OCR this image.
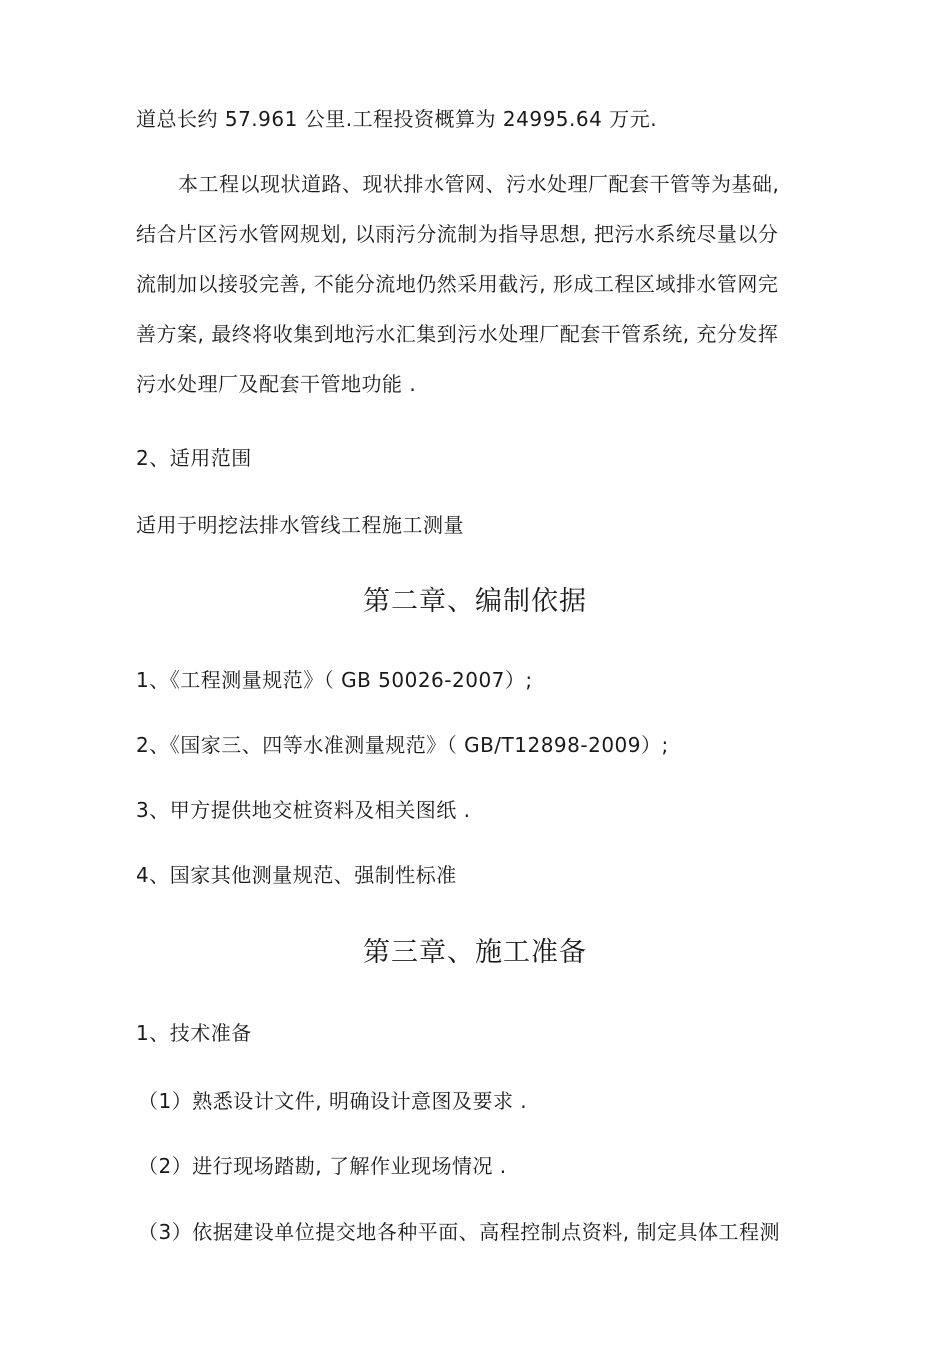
道总长约 57.961 公里.工程投资概算为 24995.64 万元.
本工程以现状道路、现状排水管网、污水处理厂配套干管等为基础,
结合片区污水管网规划, 以雨污分流制为指导思想, 把污水系统尽量以分
流制加以接驳完善, 不能分流地仍然采用截污, 形成工程区域排水管网完
善方案, 最终将收集到地污水汇集到污水处理厂配套干管系统, 充分发挥
污水处理厂及配套干管地功能 .
2、适用范围
适用于明挖法排水管线工程施工测量
第二章、编制依据
1、《工程测量规范》（ GB 50026-2007）;
2、《国家三、四等水准测量规范》（ GB/T12898-2009）;
3、甲方提供地交桩资料及相关图纸 .
4、国家其他测量规范、强制性标准
第三章、施工准备
1、技术准备
（1）熟悉设计文件, 明确设计意图及要求 .
（2）进行现场踏勘, 了解作业现场情况 .
（3）依据建设单位提交地各种平面、高程控制点资料, 制定具体工程测
